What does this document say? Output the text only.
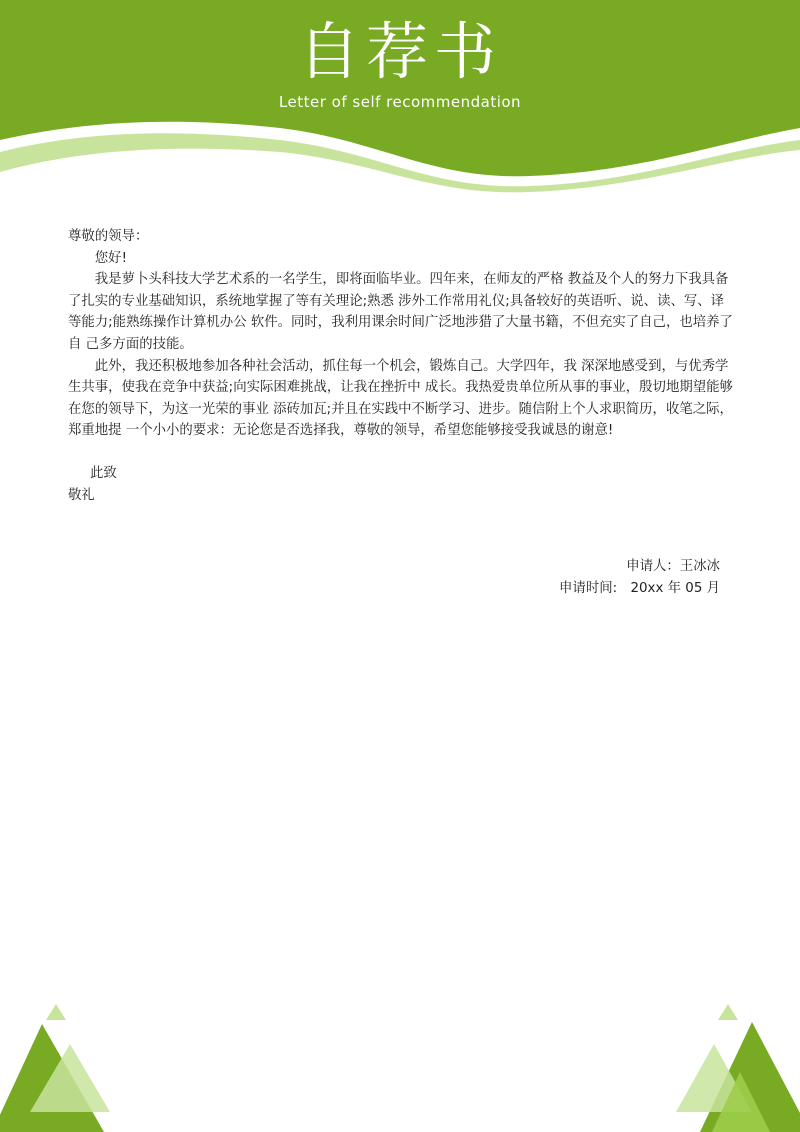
自荐书
Letter of self recommendation

尊敬的领导：

您好!

我是萝卜头科技大学艺术系的一名学生，即将面临毕业。四年来，在师友的严格 教益及个人的努力下我具备了扎实的专业基础知识，系统地掌握了等有关理论;熟悉 涉外工作常用礼仪;具备较好的英语听、说、读、写、译等能力;能熟练操作计算机办公 软件。同时，我利用课余时间广泛地涉猎了大量书籍，不但充实了自己，也培养了自 己多方面的技能。

此外，我还积极地参加各种社会活动，抓住每一个机会，锻炼自己。大学四年，我 深深地感受到，与优秀学生共事，使我在竞争中获益;向实际困难挑战，让我在挫折中 成长。我热爱贵单位所从事的事业，殷切地期望能够在您的领导下，为这一光荣的事业 添砖加瓦;并且在实践中不断学习、进步。随信附上个人求职简历，收笔之际，郑重地提 一个小小的要求：无论您是否选择我，尊敬的领导，希望您能够接受我诚恳的谢意!

此致

敬礼

申请人：王冰冰
申请时间:　20xx 年 05 月
